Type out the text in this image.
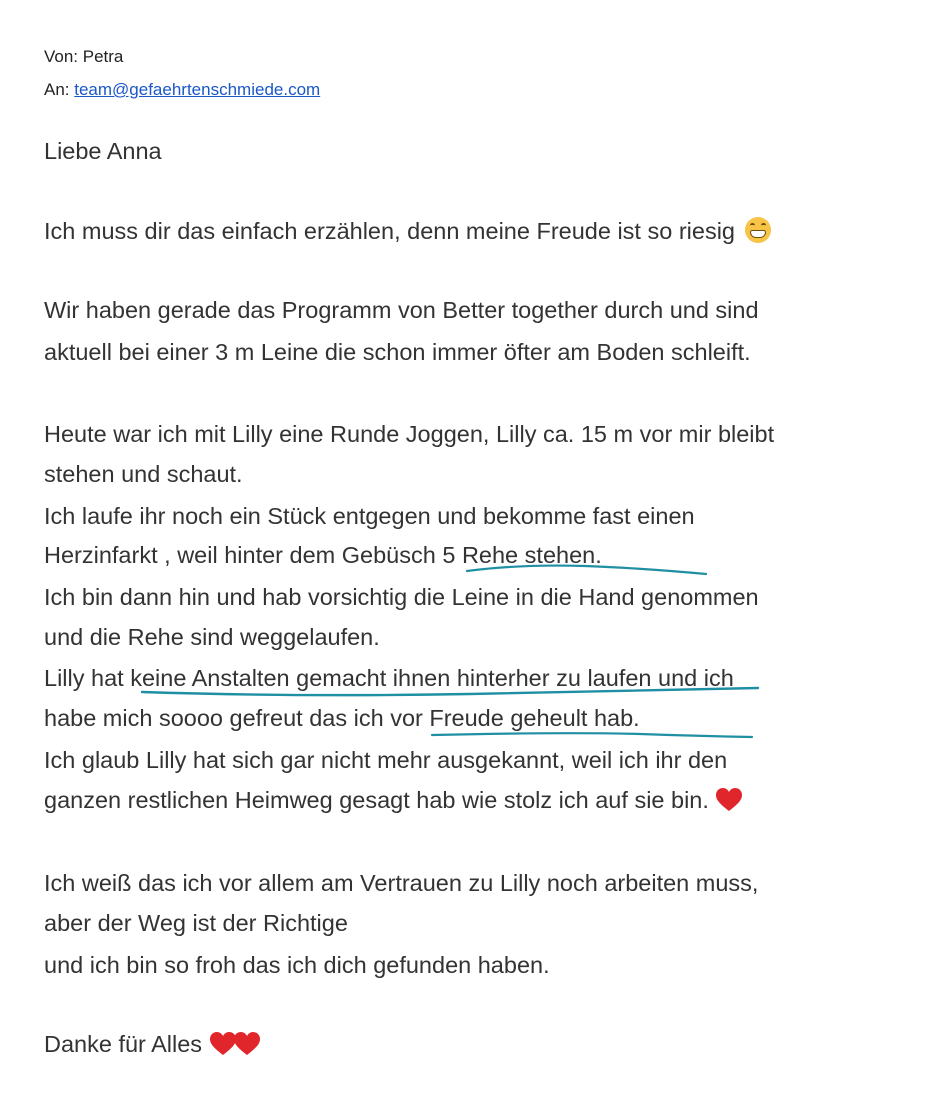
Von: Petra
An: team@gefaehrtenschmiede.com
Liebe Anna
Ich muss dir das einfach erzählen, denn meine Freude ist so riesig
Wir haben gerade das Programm von Better together durch und sind
aktuell bei einer 3 m Leine die schon immer öfter am Boden schleift.
Heute war ich mit Lilly eine Runde Joggen, Lilly ca. 15 m vor mir bleibt
stehen und schaut.
Ich laufe ihr noch ein Stück entgegen und bekomme fast einen
Herzinfarkt , weil hinter dem Gebüsch 5 Rehe stehen.
Ich bin dann hin und hab vorsichtig die Leine in die Hand genommen
und die Rehe sind weggelaufen.
Lilly hat keine Anstalten gemacht ihnen hinterher zu laufen und ich
habe mich soooo gefreut das ich vor Freude geheult hab.
Ich glaub Lilly hat sich gar nicht mehr ausgekannt, weil ich ihr den
ganzen restlichen Heimweg gesagt hab wie stolz ich auf sie bin.
Ich weiß das ich vor allem am Vertrauen zu Lilly noch arbeiten muss,
aber der Weg ist der Richtige
und ich bin so froh das ich dich gefunden haben.
Danke für Alles
